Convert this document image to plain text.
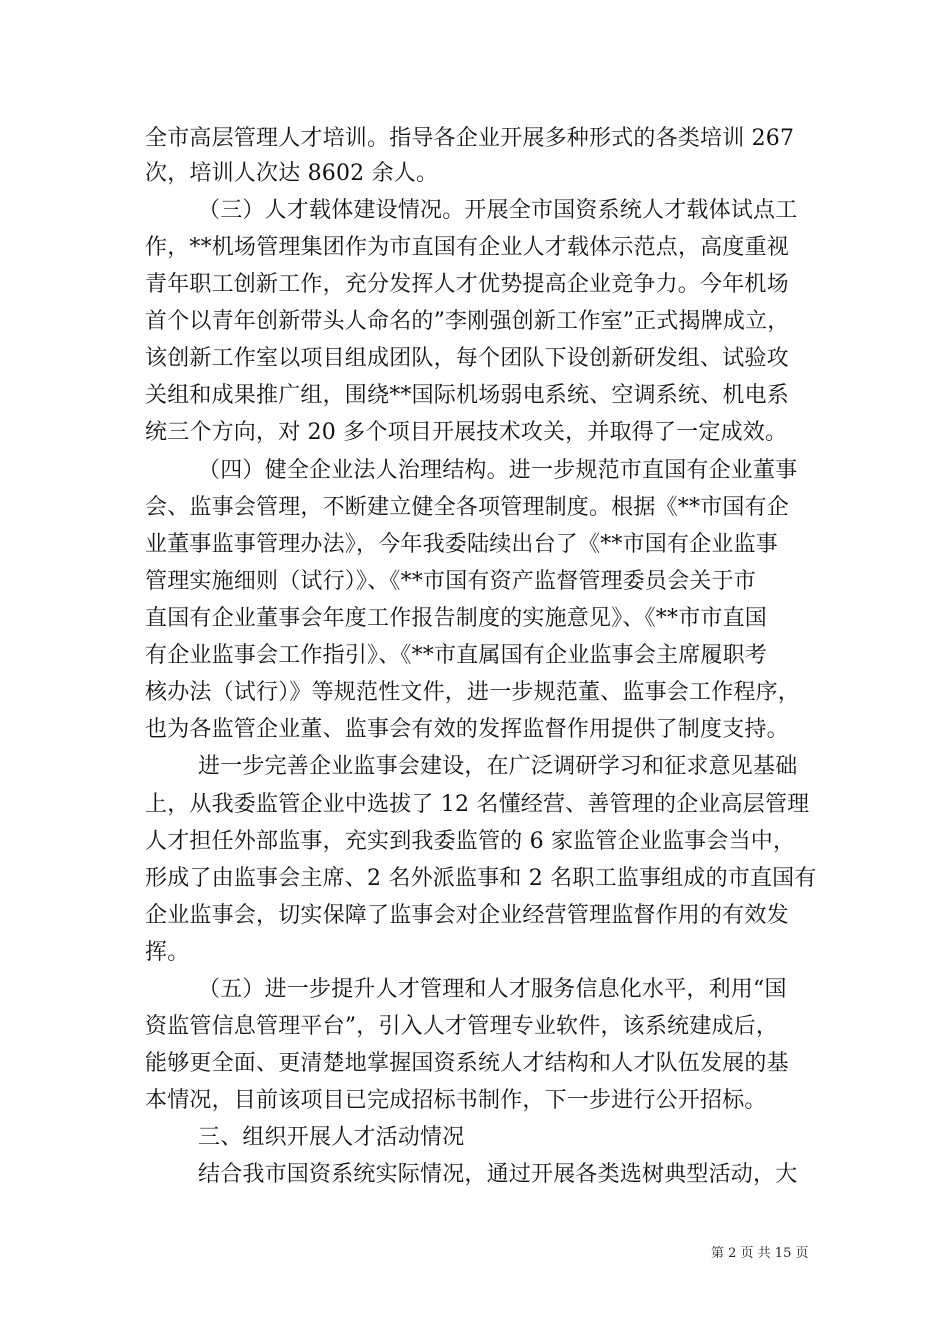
全市高层管理人才培训。指导各企业开展多种形式的各类培训 267
次，培训人次达 8602 余人。
（三）人才载体建设情况。开展全市国资系统人才载体试点工
作，**机场管理集团作为市直国有企业人才载体示范点，高度重视
青年职工创新工作，充分发挥人才优势提高企业竞争力。今年机场
首个以青年创新带头人命名的”李刚强创新工作室”正式揭牌成立，
该创新工作室以项目组成团队，每个团队下设创新研发组、试验攻
关组和成果推广组，围绕**国际机场弱电系统、空调系统、机电系
统三个方向，对 20 多个项目开展技术攻关，并取得了一定成效。
（四）健全企业法人治理结构。进一步规范市直国有企业董事
会、监事会管理，不断建立健全各项管理制度。根据《**市国有企
业董事监事管理办法》，今年我委陆续出台了《**市国有企业监事
管理实施细则（试行）》、《**市国有资产监督管理委员会关于市
直国有企业董事会年度工作报告制度的实施意见》、《**市市直国
有企业监事会工作指引》、《**市直属国有企业监事会主席履职考
核办法（试行）》等规范性文件，进一步规范董、监事会工作程序，
也为各监管企业董、监事会有效的发挥监督作用提供了制度支持。
进一步完善企业监事会建设，在广泛调研学习和征求意见基础
上，从我委监管企业中选拔了 12 名懂经营、善管理的企业高层管理
人才担任外部监事，充实到我委监管的 6 家监管企业监事会当中，
形成了由监事会主席、2 名外派监事和 2 名职工监事组成的市直国有
企业监事会，切实保障了监事会对企业经营管理监督作用的有效发
挥。
（五）进一步提升人才管理和人才服务信息化水平，利用“国
资监管信息管理平台”，引入人才管理专业软件，该系统建成后，
能够更全面、更清楚地掌握国资系统人才结构和人才队伍发展的基
本情况，目前该项目已完成招标书制作，下一步进行公开招标。
三、组织开展人才活动情况
结合我市国资系统实际情况，通过开展各类选树典型活动，大
第 2 页 共 15 页
